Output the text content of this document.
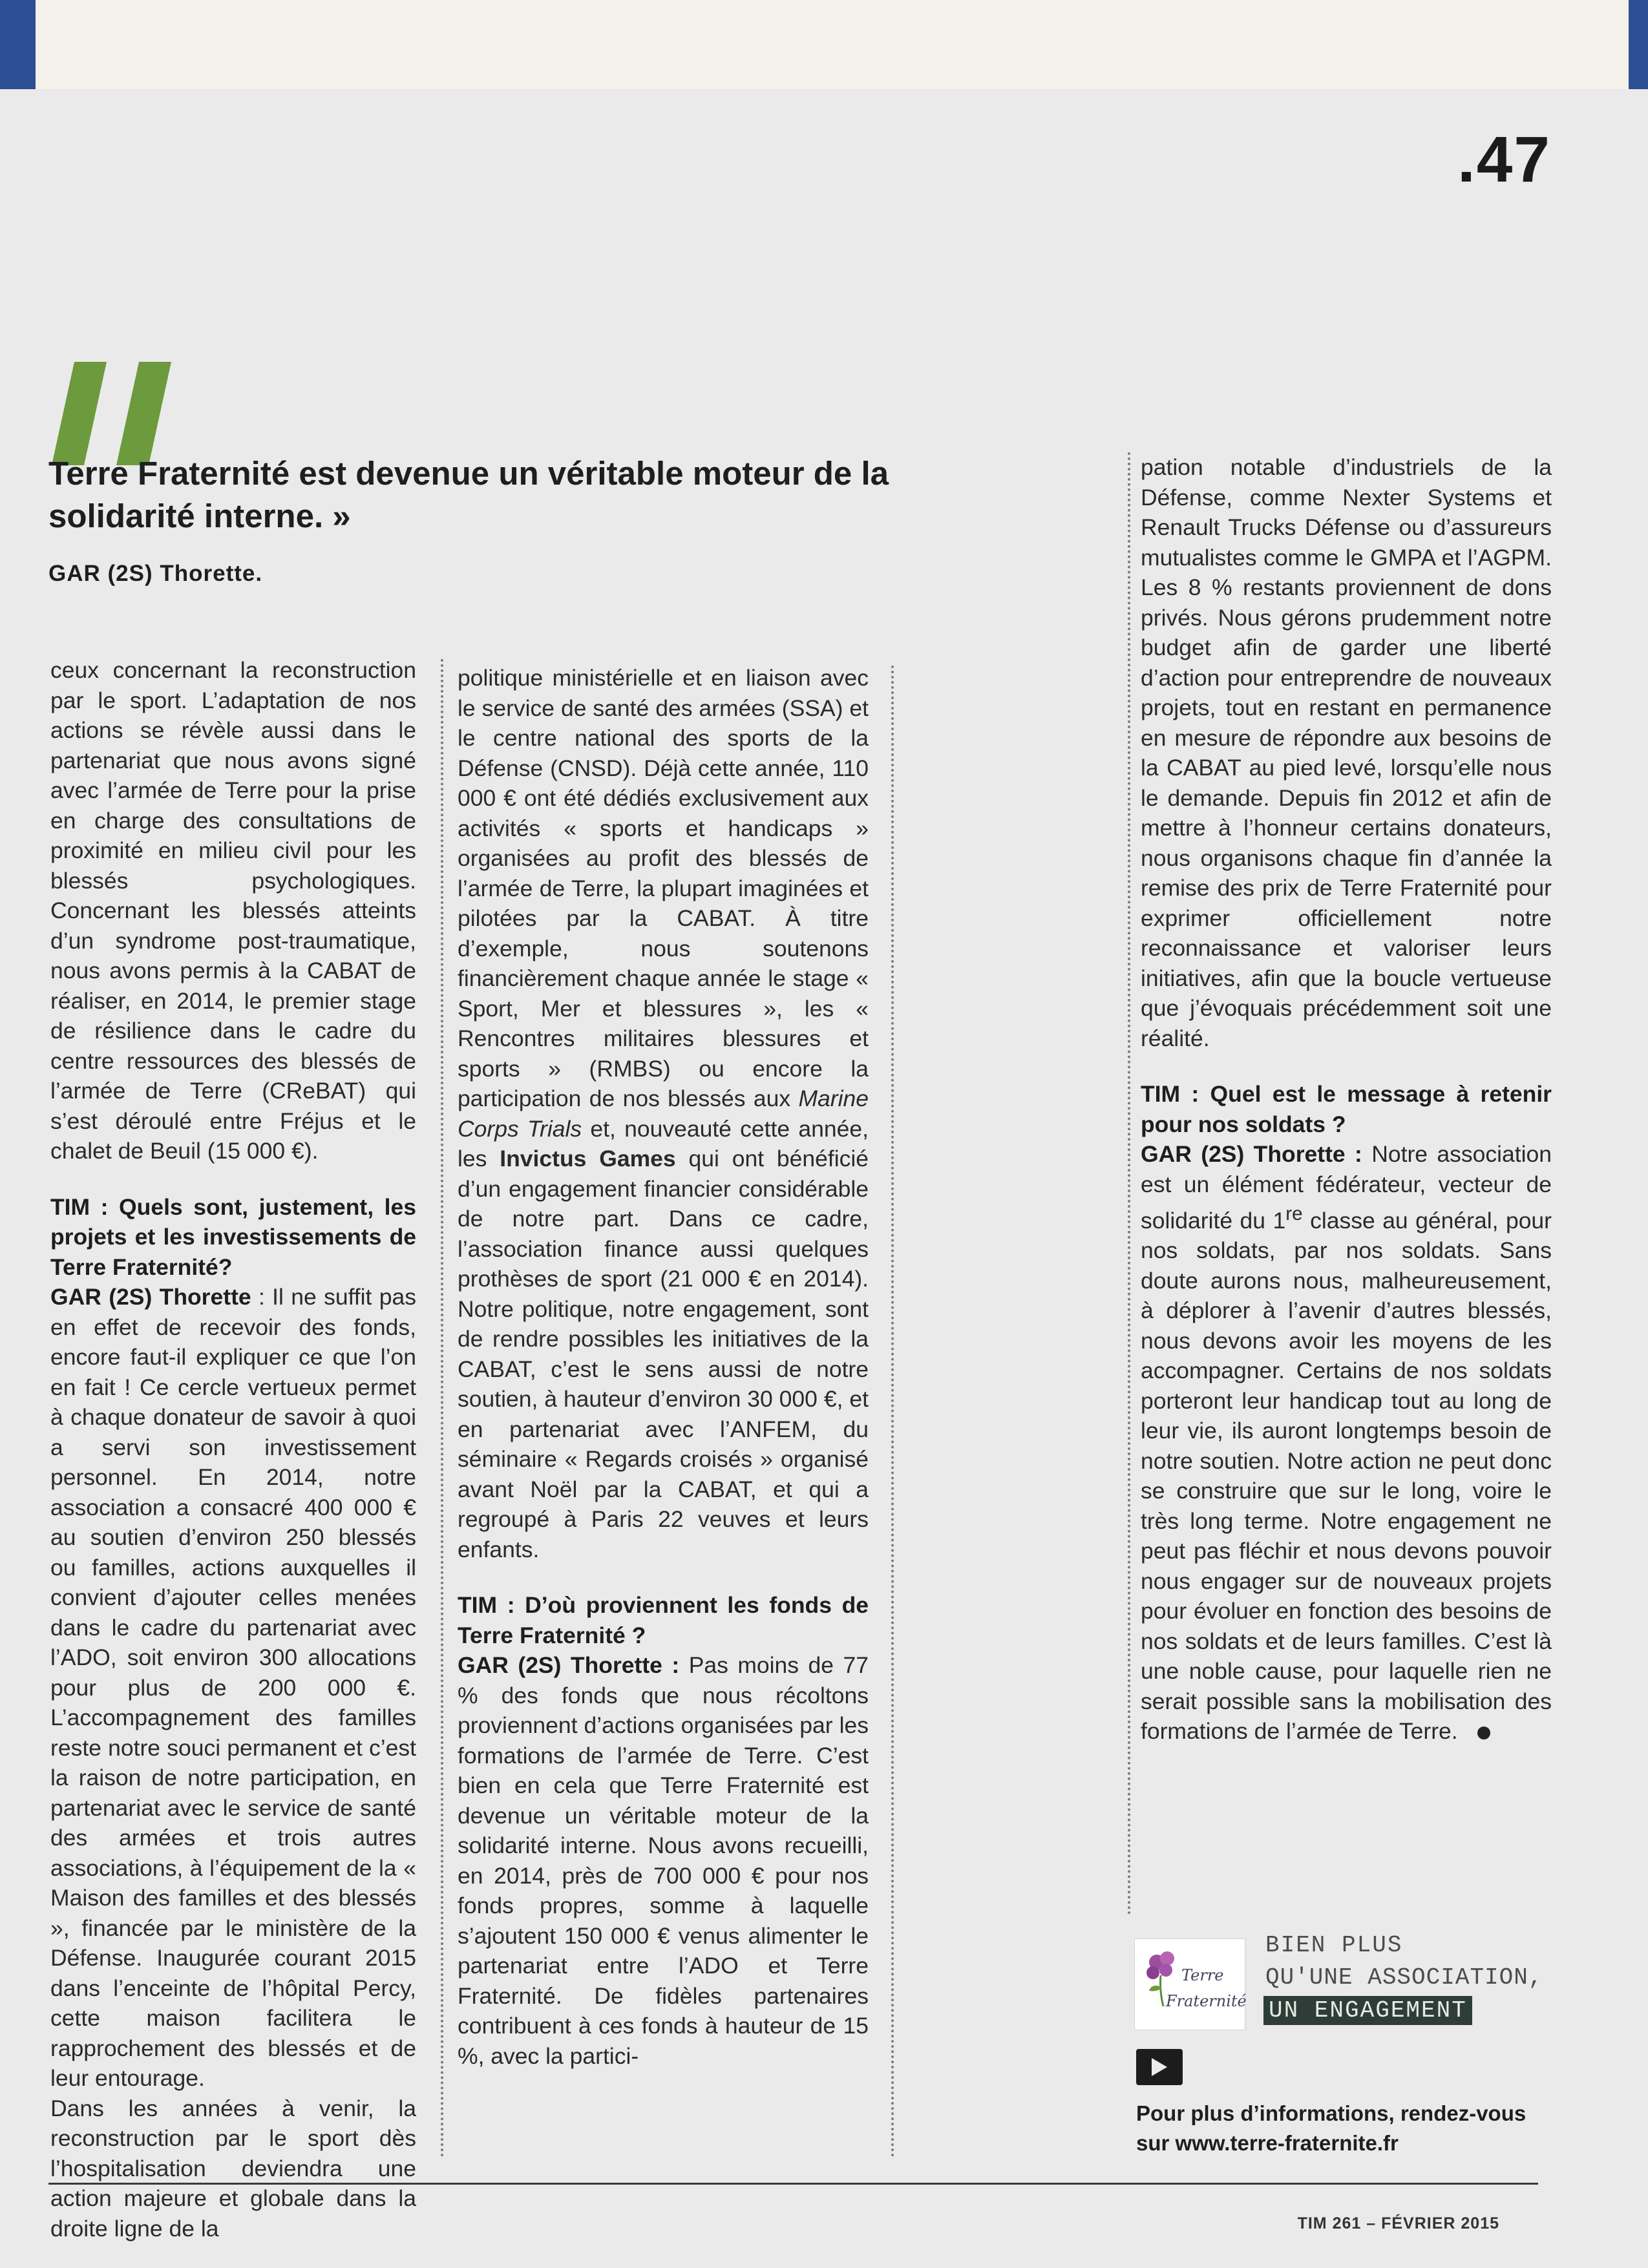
.47

Terre Fraternité est devenue un véritable moteur de la solidarité interne. »

GAR (2S) Thorette.

ceux concernant la reconstruction par le sport. L’adaptation de nos actions se révèle aussi dans le partenariat que nous avons signé avec l’armée de Terre pour la prise en charge des consultations de proximité en milieu civil pour les blessés psychologiques. Concernant les blessés atteints d’un syndrome post-traumatique, nous avons permis à la CABAT de réaliser, en 2014, le premier stage de résilience dans le cadre du centre ressources des blessés de l’armée de Terre (CReBAT) qui s’est déroulé entre Fréjus et le chalet de Beuil (15 000 €).

TIM : Quels sont, justement, les projets et les investissements de Terre Fraternité?

GAR (2S) Thorette : Il ne suffit pas en effet de recevoir des fonds, encore faut-il expliquer ce que l’on en fait ! Ce cercle vertueux permet à chaque donateur de savoir à quoi a servi son investissement personnel. En 2014, notre association a consacré 400 000 € au soutien d’environ 250 blessés ou familles, actions auxquelles il convient d’ajouter celles menées dans le cadre du partenariat avec l’ADO, soit environ 300 allocations pour plus de 200 000 €. L’accompagnement des familles reste notre souci permanent et c’est la raison de notre participation, en partenariat avec le service de santé des armées et trois autres associations, à l’équipement de la « Maison des familles et des blessés », financée par le ministère de la Défense. Inaugurée courant 2015 dans l’enceinte de l’hôpital Percy, cette maison facilitera le rapprochement des blessés et de leur entourage.

Dans les années à venir, la reconstruction par le sport dès l’hospitalisation deviendra une action majeure et globale dans la droite ligne de la

politique ministérielle et en liaison avec le service de santé des armées (SSA) et le centre national des sports de la Défense (CNSD). Déjà cette année, 110 000 € ont été dédiés exclusivement aux activités « sports et handicaps » organisées au profit des blessés de l’armée de Terre, la plupart imaginées et pilotées par la CABAT. À titre d’exemple, nous soutenons financièrement chaque année le stage « Sport, Mer et blessures », les « Rencontres militaires blessures et sports » (RMBS) ou encore la participation de nos blessés aux Marine Corps Trials et, nouveauté cette année, les Invictus Games qui ont bénéficié d’un engagement financier considérable de notre part. Dans ce cadre, l’association finance aussi quelques prothèses de sport (21 000 € en 2014). Notre politique, notre engagement, sont de rendre possibles les initiatives de la CABAT, c’est le sens aussi de notre soutien, à hauteur d’environ 30 000 €, et en partenariat avec l’ANFEM, du séminaire « Regards croisés » organisé avant Noël par la CABAT, et qui a regroupé à Paris 22 veuves et leurs enfants.

TIM : D’où proviennent les fonds de Terre Fraternité ?

GAR (2S) Thorette : Pas moins de 77 % des fonds que nous récoltons proviennent d’actions organisées par les formations de l’armée de Terre. C’est bien en cela que Terre Fraternité est devenue un véritable moteur de la solidarité interne. Nous avons recueilli, en 2014, près de 700 000 € pour nos fonds propres, somme à laquelle s’ajoutent 150 000 € venus alimenter le partenariat entre l’ADO et Terre Fraternité. De fidèles partenaires contribuent à ces fonds à hauteur de 15 %, avec la partici-

pation notable d’industriels de la Défense, comme Nexter Systems et Renault Trucks Défense ou d’assureurs mutualistes comme le GMPA et l’AGPM. Les 8 % restants proviennent de dons privés. Nous gérons prudemment notre budget afin de garder une liberté d’action pour entreprendre de nouveaux projets, tout en restant en permanence en mesure de répondre aux besoins de la CABAT au pied levé, lorsqu’elle nous le demande. Depuis fin 2012 et afin de mettre à l’honneur certains donateurs, nous organisons chaque fin d’année la remise des prix de Terre Fraternité pour exprimer officiellement notre reconnaissance et valoriser leurs initiatives, afin que la boucle vertueuse que j’évoquais précédemment soit une réalité.

TIM : Quel est le message à retenir pour nos soldats ?

GAR (2S) Thorette : Notre association est un élément fédérateur, vecteur de solidarité du 1re classe au général, pour nos soldats, par nos soldats. Sans doute aurons nous, malheureusement, à déplorer à l’avenir d’autres blessés, nous devons avoir les moyens de les accompagner. Certains de nos soldats porteront leur handicap tout au long de leur vie, ils auront longtemps besoin de notre soutien. Notre action ne peut donc se construire que sur le long, voire le très long terme. Notre engagement ne peut pas fléchir et nous devons pouvoir nous engager sur de nouveaux projets pour évoluer en fonction des besoins de nos soldats et de leurs familles. C’est là une noble cause, pour laquelle rien ne serait possible sans la mobilisation des formations de l’armée de Terre.

Terre
Fraternité

BIEN PLUS

QU'UNE ASSOCIATION,

UN ENGAGEMENT

Pour plus d’informations, rendez-vous
sur www.terre-fraternite.fr

TIM 261 – FÉVRIER 2015
